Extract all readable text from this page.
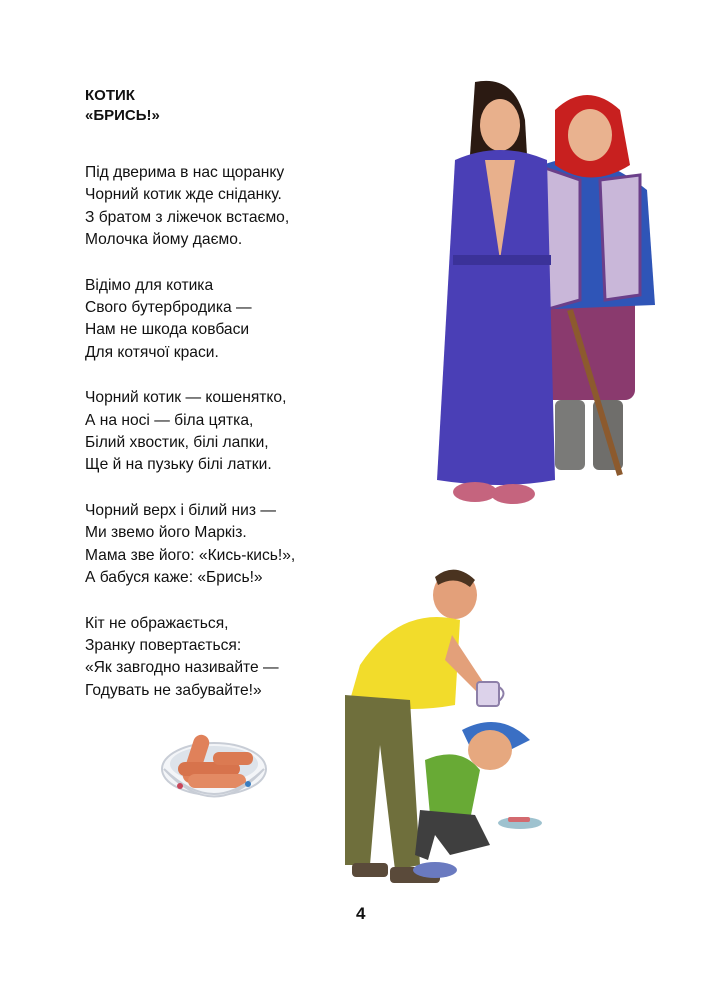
КОТИК
«БРИСЬ!»
Під дверима в нас щоранку
Чорний котик жде сніданку.
З братом з ліжечок встаємо,
Молочка йому даємо.
Відімо для котика
Свого бутербродика —
Нам не шкода ковбаси
Для котячої краси.
Чорний котик — кошенятко,
А на носі — біла цятка,
Білий хвостик, білі лапки,
Ще й на пузьку білі латки.
Чорний верх і білий низ —
Ми звемо його Маркіз.
Мама зве його: «Кись-кись!»,
А бабуся каже: «Брись!»
Кіт не ображається,
Зранку повертається:
«Як завгодно називайте —
Годувать не забувайте!»
4
